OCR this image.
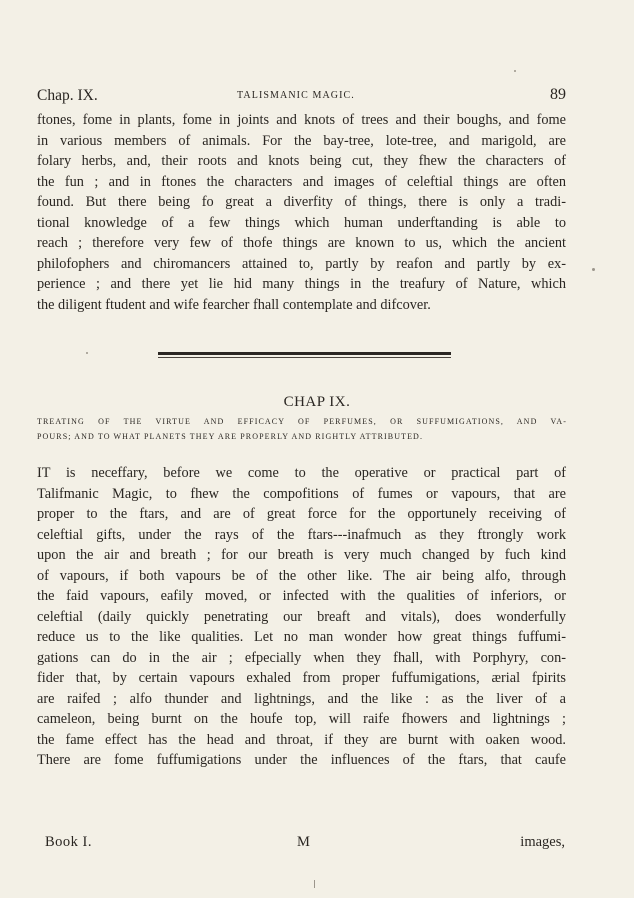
Chap. IX.	TALISMANIC MAGIC.	89

ftones, fome in plants, fome in joints and knots of trees and their boughs, and fome
in various members of animals. For the bay-tree, lote-tree, and marigold, are
folary herbs, and, their roots and knots being cut, they fhew the characters of
the fun ; and in ftones the characters and images of celeftial things are often
found. But there being fo great a diverfity of things, there is only a tradi-
tional knowledge of a few things which human underftanding is able to
reach ; therefore very few of thofe things are known to us, which the ancient
philofophers and chiromancers attained to, partly by reafon and partly by ex-
perience ; and there yet lie hid many things in the treafury of Nature, which
the diligent ftudent and wife fearcher fhall contemplate and difcover.

CHAP IX.
TREATING OF THE VIRTUE AND EFFICACY OF PERFUMES, OR SUFFUMIGATIONS, AND VA-
POURS; AND TO WHAT PLANETS THEY ARE PROPERLY AND RIGHTLY ATTRIBUTED.

IT is neceffary, before we come to the operative or practical part of
Talifmanic Magic, to fhew the compofitions of fumes or vapours, that are
proper to the ftars, and are of great force for the opportunely receiving of
celeftial gifts, under the rays of the ftars---inafmuch as they ftrongly work
upon the air and breath ; for our breath is very much changed by fuch kind
of vapours, if both vapours be of the other like. The air being alfo, through
the faid vapours, eafily moved, or infected with the qualities of inferiors, or
celeftial (daily quickly penetrating our breaft and vitals), does wonderfully
reduce us to the like qualities. Let no man wonder how great things fuffumi-
gations can do in the air ; efpecially when they fhall, with Porphyry, con-
fider that, by certain vapours exhaled from proper fuffumigations, ærial fpirits
are raifed ; alfo thunder and lightnings, and the like : as the liver of a
cameleon, being burnt on the houfe top, will raife fhowers and lightnings ;
the fame effect has the head and throat, if they are burnt with oaken wood.
There are fome fuffumigations under the influences of the ftars, that caufe

Book I.	M	images,
